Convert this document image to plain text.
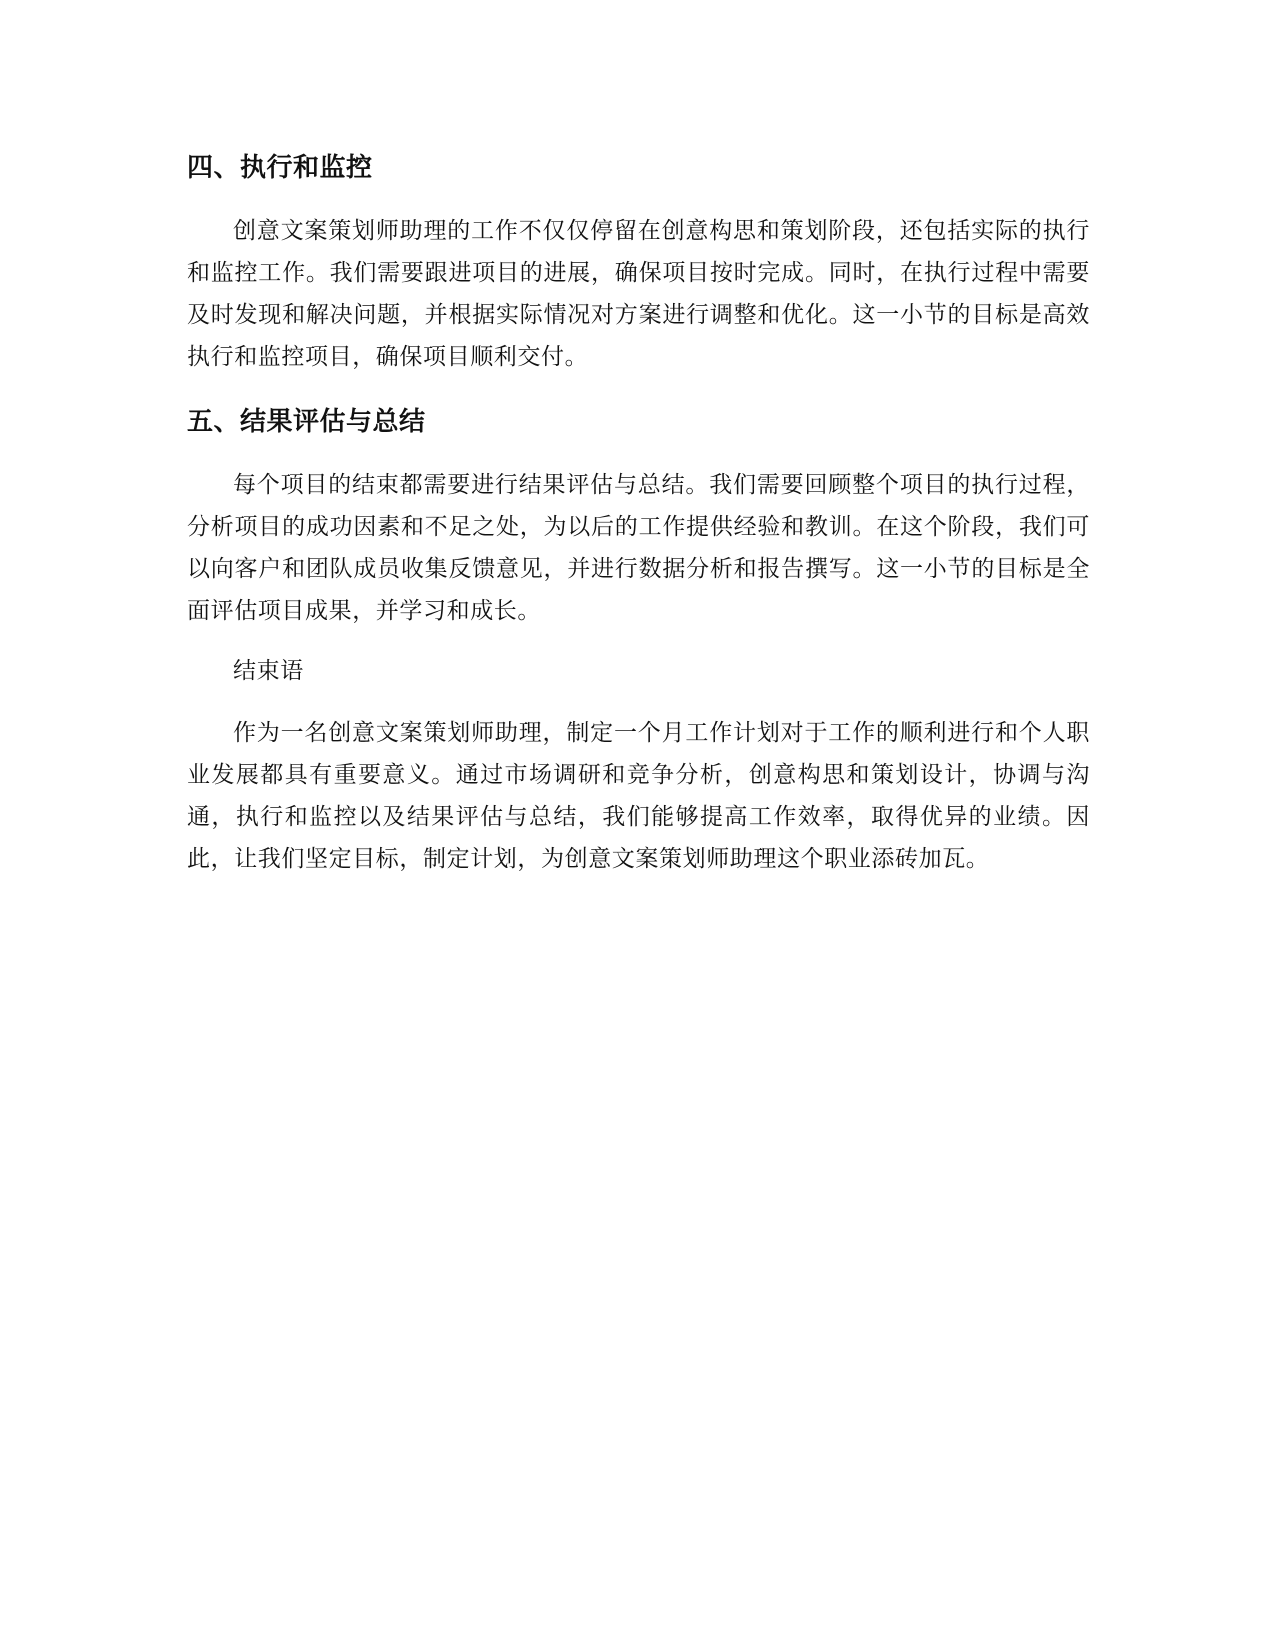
四、执行和监控

创意文案策划师助理的工作不仅仅停留在创意构思和策划阶段，还包括实际的执行和监控工作。我们需要跟进项目的进展，确保项目按时完成。同时，在执行过程中需要及时发现和解决问题，并根据实际情况对方案进行调整和优化。这一小节的目标是高效执行和监控项目，确保项目顺利交付。

五、结果评估与总结

每个项目的结束都需要进行结果评估与总结。我们需要回顾整个项目的执行过程，分析项目的成功因素和不足之处，为以后的工作提供经验和教训。在这个阶段，我们可以向客户和团队成员收集反馈意见，并进行数据分析和报告撰写。这一小节的目标是全面评估项目成果，并学习和成长。

结束语

作为一名创意文案策划师助理，制定一个月工作计划对于工作的顺利进行和个人职业发展都具有重要意义。通过市场调研和竞争分析，创意构思和策划设计，协调与沟通，执行和监控以及结果评估与总结，我们能够提高工作效率，取得优异的业绩。因此，让我们坚定目标，制定计划，为创意文案策划师助理这个职业添砖加瓦。
